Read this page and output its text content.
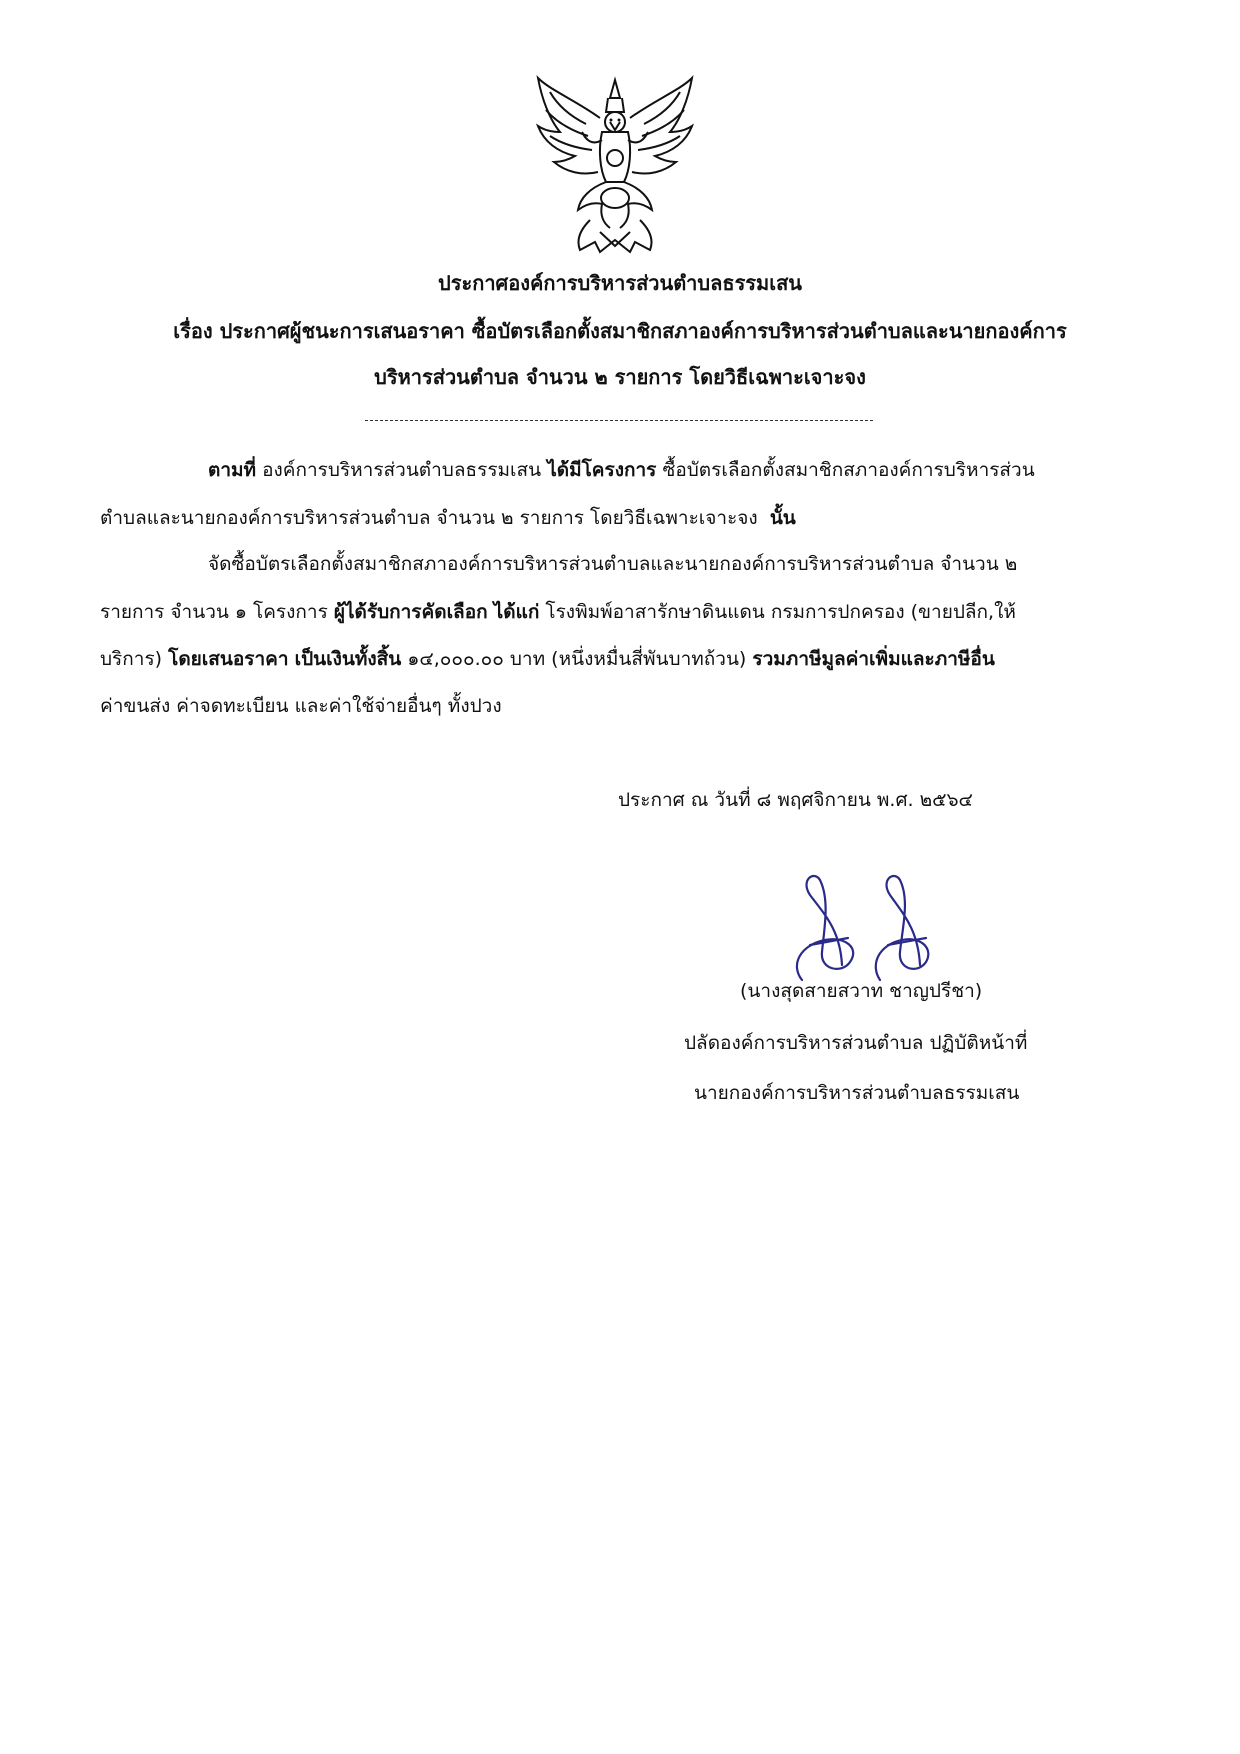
ประกาศองค์การบริหารส่วนตำบลธรรมเสน
เรื่อง ประกาศผู้ชนะการเสนอราคา ซื้อบัตรเลือกตั้งสมาชิกสภาองค์การบริหารส่วนตำบลและนายกองค์การ
บริหารส่วนตำบล จำนวน ๒ รายการ โดยวิธีเฉพาะเจาะจง
ตามที่ องค์การบริหารส่วนตำบลธรรมเสน ได้มีโครงการ ซื้อบัตรเลือกตั้งสมาชิกสภาองค์การบริหารส่วน
ตำบลและนายกองค์การบริหารส่วนตำบล จำนวน ๒ รายการ โดยวิธีเฉพาะเจาะจง นั้น
จัดซื้อบัตรเลือกตั้งสมาชิกสภาองค์การบริหารส่วนตำบลและนายกองค์การบริหารส่วนตำบล จำนวน ๒
รายการ จำนวน ๑ โครงการ ผู้ได้รับการคัดเลือก ได้แก่ โรงพิมพ์อาสารักษาดินแดน กรมการปกครอง (ขายปลีก,ให้
บริการ) โดยเสนอราคา เป็นเงินทั้งสิ้น ๑๔,๐๐๐.๐๐ บาท (หนึ่งหมื่นสี่พันบาทถ้วน) รวมภาษีมูลค่าเพิ่มและภาษีอื่น
ค่าขนส่ง ค่าจดทะเบียน และค่าใช้จ่ายอื่นๆ ทั้งปวง
ประกาศ ณ วันที่ ๘ พฤศจิกายน พ.ศ. ๒๕๖๔
(นางสุดสายสวาท ชาญปรีชา)
ปลัดองค์การบริหารส่วนตำบล ปฏิบัติหน้าที่
นายกองค์การบริหารส่วนตำบลธรรมเสน
